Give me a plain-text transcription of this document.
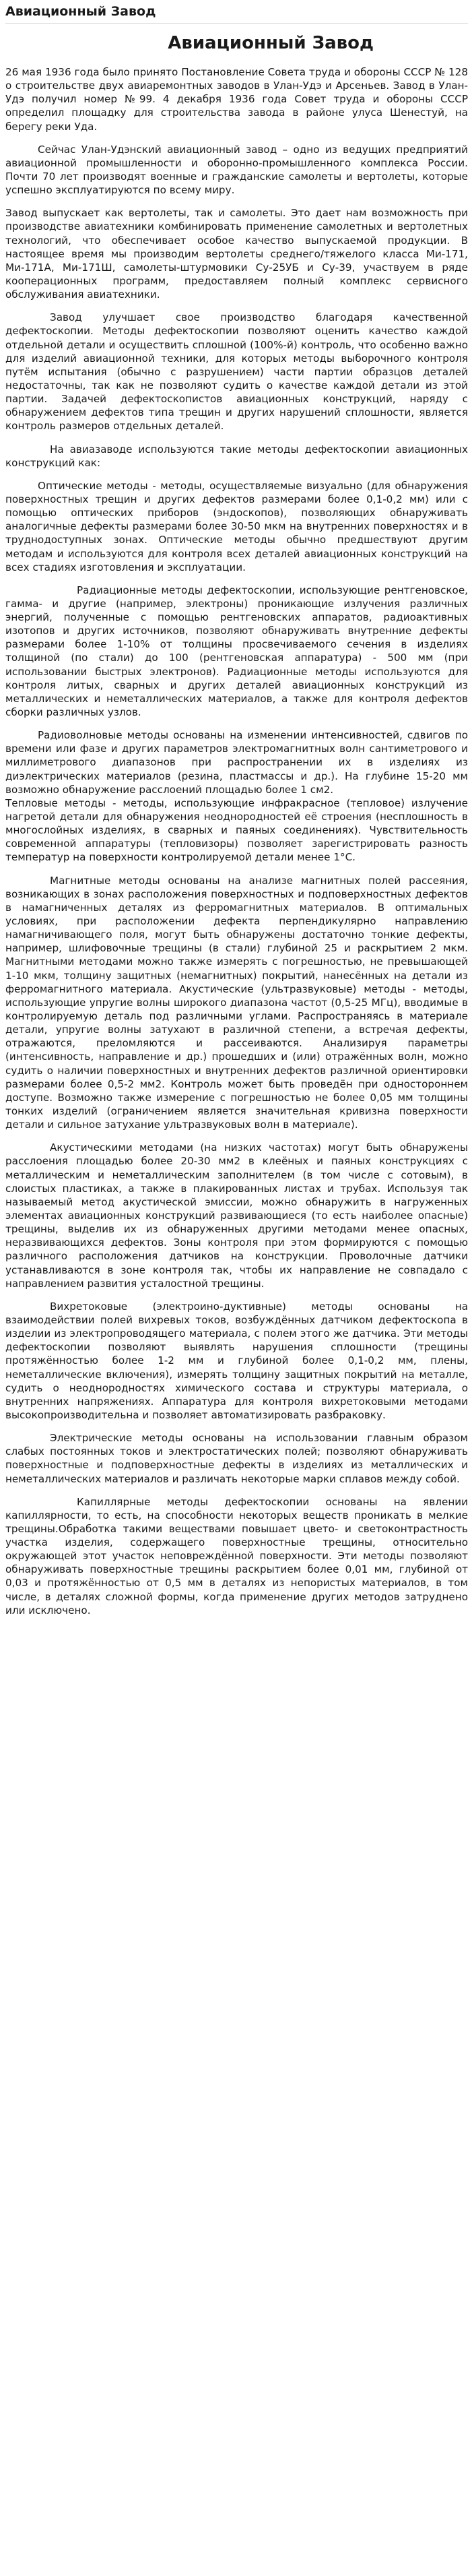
Авиационный Завод
Авиационный Завод

26 мая 1936 года было принято Постановление Совета труда и обороны СССР № 128 о строительстве двух авиаремонтных заводов в Улан-Удэ и Арсеньев. Завод в Улан-Удэ получил номер №99. 4 декабря 1936 года Совет труда и обороны СССР определил площадку для строительства завода в районе улуса Шенестуй, на берегу реки Уда.

Сейчас Улан-Удэнский авиационный завод – одно из ведущих предприятий авиационной промышленности и оборонно-промышленного комплекса России. Почти 70 лет производят военные и гражданские самолеты и вертолеты, которые успешно эксплуатируются по всему миру.

Завод выпускает как вертолеты, так и самолеты. Это дает нам возможность при производстве авиатехники комбинировать применение самолетных и вертолетных технологий, что обеспечивает особое качество выпускаемой продукции. В настоящее время мы производим вертолеты среднего/тяжелого класса Ми-171, Ми-171А, Ми-171Ш, самолеты-штурмовики Су-25УБ и Су-39, участвуем в ряде кооперационных программ, предоставляем полный комплекс сервисного обслуживания авиатехники.

Завод улучшает свое производство благодаря качественной дефектоскопии. Методы дефектоскопии позволяют оценить качество каждой отдельной детали и осуществить сплошной (100%-й) контроль, что особенно важно для изделий авиационной техники, для которых методы выборочного контроля путём испытания (обычно с разрушением) части партии образцов деталей недостаточны, так как не позволяют судить о качестве каждой детали из этой партии. Задачей дефектоскопистов авиационных конструкций, наряду с обнаружением дефектов типа трещин и других нарушений сплошности, является контроль размеров отдельных деталей.

На авиазаводе используются такие методы дефектоскопии авиационных конструкций как:

Оптические методы - методы, осуществляемые визуально (для обнаружения поверхностных трещин и других дефектов размерами более 0,1-0,2 мм) или с помощью оптических приборов (эндоскопов), позволяющих обнаруживать аналогичные дефекты размерами более 30-50 мкм на внутренних поверхностях и в труднодоступных зонах. Оптические методы обычно предшествуют другим методам и используются для контроля всех деталей авиационных конструкций на всех стадиях изготовления и эксплуатации.

Радиационные методы дефектоскопии, использующие рентгеновское, гамма- и другие (например, электроны) проникающие излучения различных энергий, полученные с помощью рентгеновских аппаратов, радиоактивных изотопов и других источников, позволяют обнаруживать внутренние дефекты размерами более 1-10% от толщины просвечиваемого сечения в изделиях толщиной (по стали) до 100 (рентгеновская аппаратура) - 500 мм (при использовании быстрых электронов). Радиационные методы используются для контроля литых, сварных и других деталей авиационных конструкций из металлических и неметаллических материалов, а также для контроля дефектов сборки различных узлов.

Радиоволновые методы основаны на изменении интенсивностей, сдвигов по времени или фазе и других параметров электромагнитных волн сантиметрового и миллиметрового диапазонов при распространении их в изделиях из диэлектрических материалов (резина, пластмассы и др.). На глубине 15-20 мм возможно обнаружение расслоений площадью более 1 см2.

Тепловые методы - методы, использующие инфракрасное (тепловое) излучение нагретой детали для обнаружения неоднородностей её строения (несплошность в многослойных изделиях, в сварных и паяных соединениях). Чувствительность современной аппаратуры (тепловизоры) позволяет зарегистрировать разность температур на поверхности контролируемой детали менее 1°С.

Магнитные методы основаны на анализе магнитных полей рассеяния, возникающих в зонах расположения поверхностных и подповерхностных дефектов в намагниченных деталях из ферромагнитных материалов. В оптимальных условиях, при расположении дефекта перпендикулярно направлению намагничивающего поля, могут быть обнаружены достаточно тонкие дефекты, например, шлифовочные трещины (в стали) глубиной 25 и раскрытием 2 мкм. Магнитными методами можно также измерять с погрешностью, не превышающей 1-10 мкм, толщину защитных (немагнитных) покрытий, нанесённых на детали из ферромагнитного материала. Акустические (ультразвуковые) методы - методы, использующие упругие волны широкого диапазона частот (0,5-25 МГц), вводимые в контролируемую деталь под различными углами. Распространяясь в материале детали, упругие волны затухают в различной степени, а встречая дефекты, отражаются, преломляются и рассеиваются. Анализируя параметры (интенсивность, направление и др.) прошедших и (или) отражённых волн, можно судить о наличии поверхностных и внутренних дефектов различной ориентировки размерами более 0,5-2 мм2. Контроль может быть проведён при одностороннем доступе. Возможно также измерение с погрешностью не более 0,05 мм толщины тонких изделий (ограничением является значительная кривизна поверхности детали и сильное затухание ультразвуковых волн в материале).

Акустическими методами (на низких частотах) могут быть обнаружены расслоения площадью более 20-30 мм2 в клеёных и паяных конструкциях с металлическим и неметаллическим заполнителем (в том числе с сотовым), в слоистых пластиках, а также в плакированных листах и трубах. Используя так называемый метод акустической эмиссии, можно обнаружить в нагруженных элементах авиационных конструкций развивающиеся (то есть наиболее опасные) трещины, выделив их из обнаруженных другими методами менее опасных, неразвивающихся дефектов. Зоны контроля при этом формируются с помощью различного расположения датчиков на конструкции. Проволочные датчики устанавливаются в зоне контроля так, чтобы их направление не совпадало с направлением развития усталостной трещины.

Вихретоковые (электроино-дуктивные) методы основаны на взаимодействии полей вихревых токов, возбуждённых датчиком дефектоскопа в изделии из электропроводящего материала, с полем этого же датчика. Эти методы дефектоскопии позволяют выявлять нарушения сплошности (трещины протяжённостью более 1-2 мм и глубиной более 0,1-0,2 мм, плены, неметаллические включения), измерять толщину защитных покрытий на металле, судить о неоднородностях химического состава и структуры материала, о внутренних напряжениях. Аппаратура для контроля вихретоковыми методами высокопроизводительна и позволяет автоматизировать разбраковку.

Электрические методы основаны на использовании главным образом слабых постоянных токов и электростатических полей; позволяют обнаруживать поверхностные и подповерхностные дефекты в изделиях из металлических и неметаллических материалов и различать некоторые марки сплавов между собой.

Капиллярные методы дефектоскопии основаны на явлении капиллярности, то есть, на способности некоторых веществ проникать в мелкие трещины.Обработка такими веществами повышает цвето- и светоконтрастность участка изделия, содержащего поверхностные трещины, относительно окружающей этот участок неповреждённой поверхности. Эти методы позволяют обнаруживать поверхностные трещины раскрытием более 0,01 мм, глубиной от 0,03 и протяжённостью от 0,5 мм в деталях из непористых материалов, в том числе, в деталях сложной формы, когда применение других методов затруднено или исключено.
